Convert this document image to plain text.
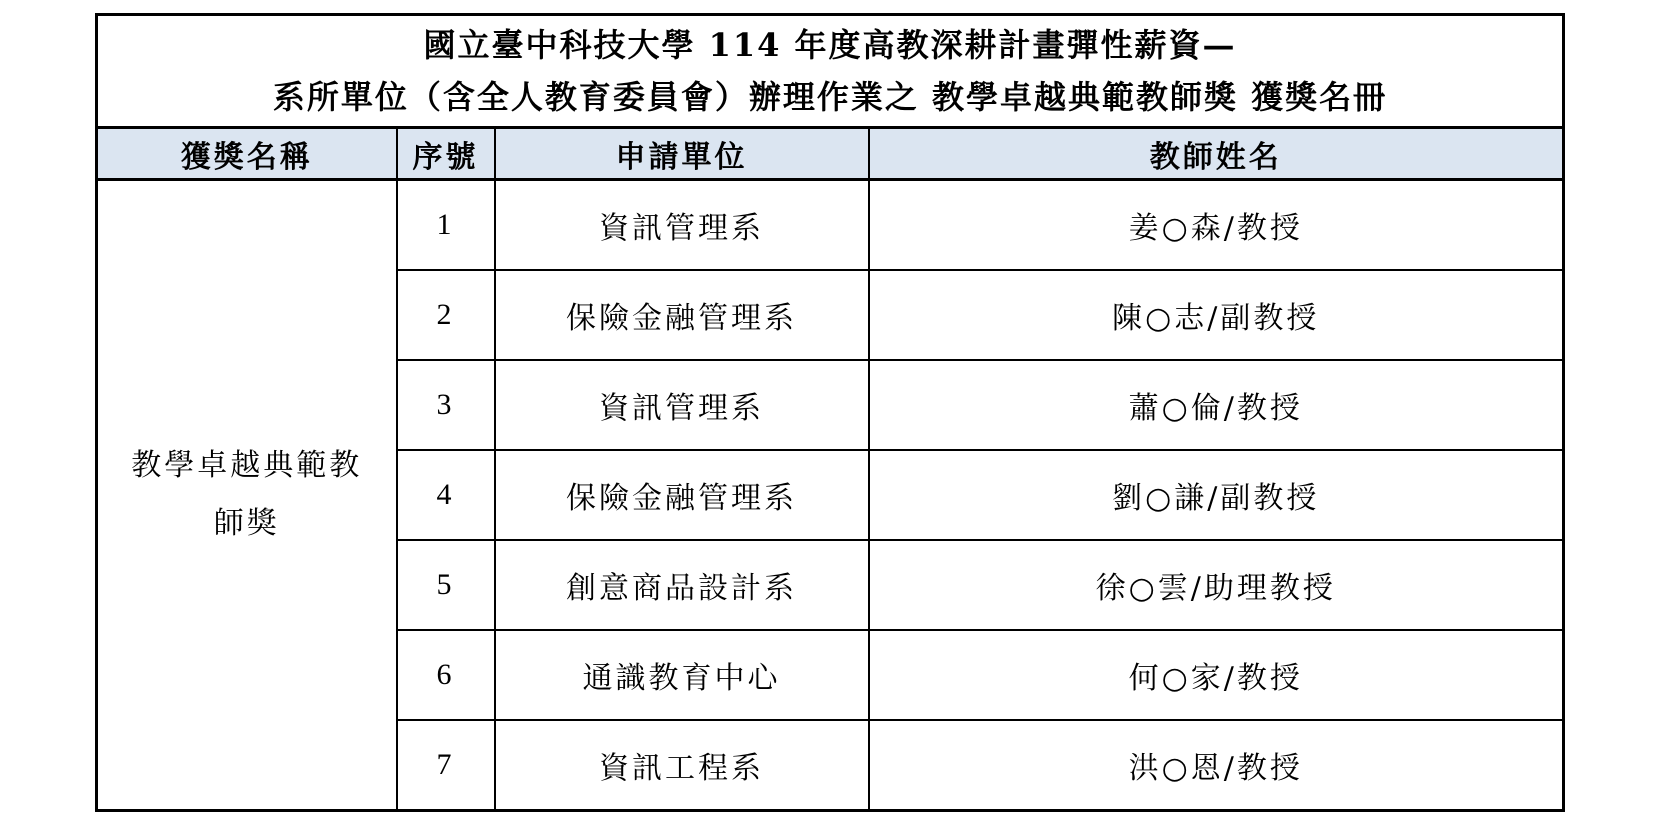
國立臺中科技大學 114 年度高教深耕計畫彈性薪資—
系所單位（含全人教育委員會）辦理作業之 教學卓越典範教師獎 獲獎名冊			

獲獎名稱	序號	申請單位	教師姓名
教學卓越典範教師獎	1	資訊管理系	姜○森/教授
	2	保險金融管理系	陳○志/副教授
	3	資訊管理系	蕭○倫/教授
	4	保險金融管理系	劉○謙/副教授
	5	創意商品設計系	徐○雲/助理教授
	6	通識教育中心	何○家/教授
	7	資訊工程系	洪○恩/教授
